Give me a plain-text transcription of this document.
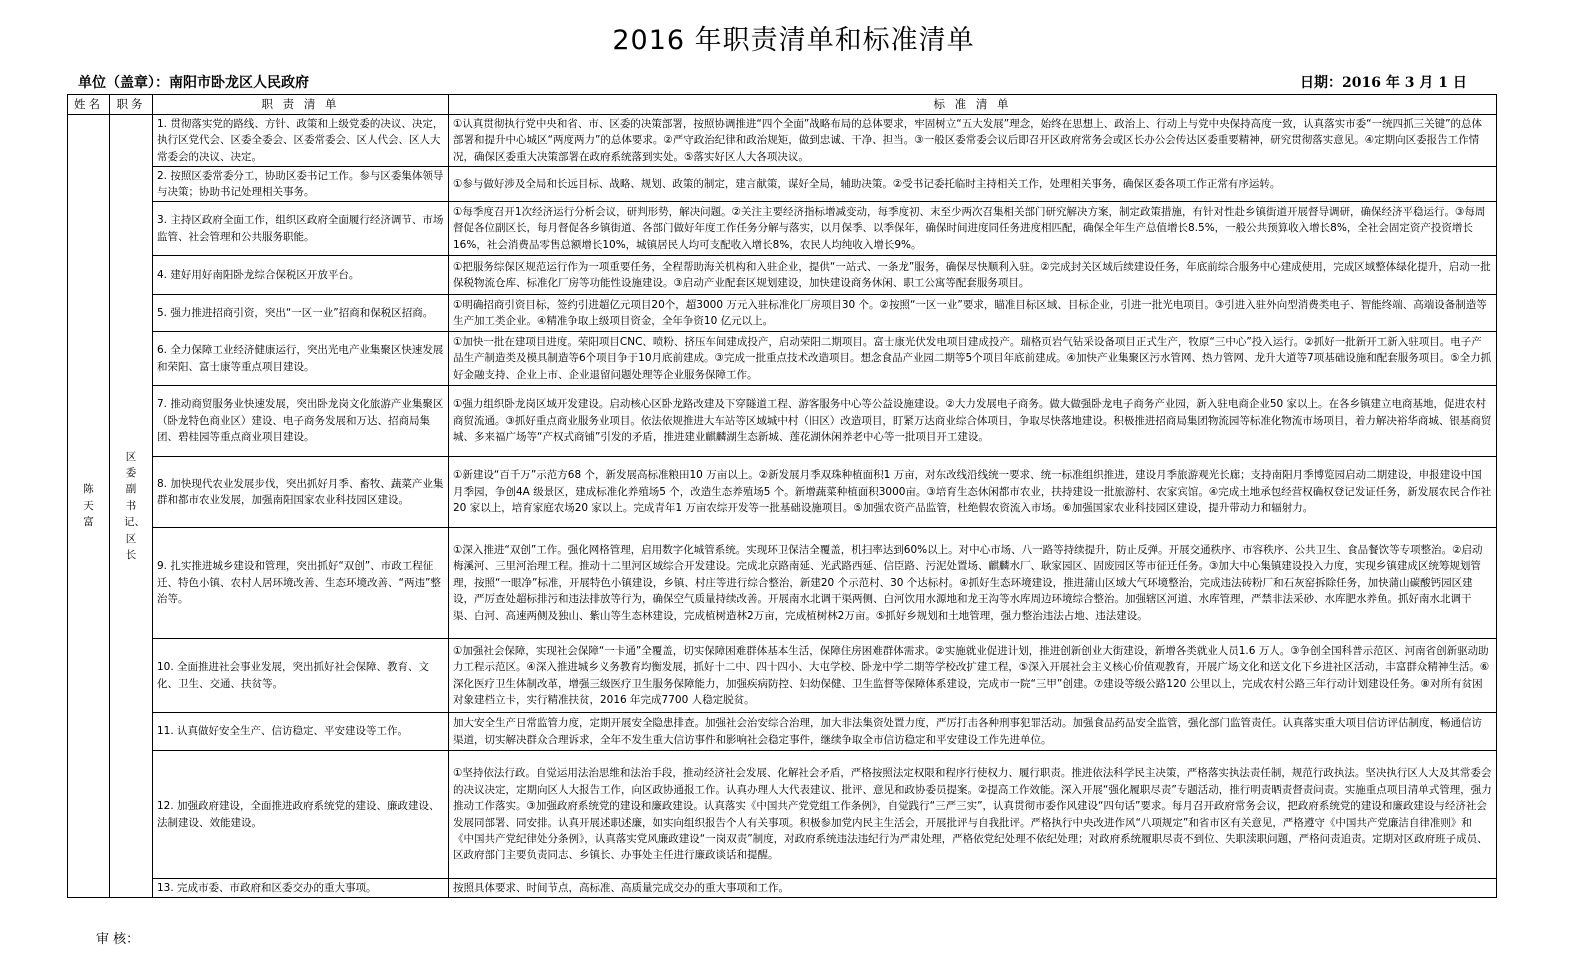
2016 年职责清单和标准清单
单位（盖章）：南阳市卧龙区人民政府	日期：2016 年 3 月 1 日
姓名	职务	职 责 清 单	标 准 清 单
陈天富	区委副书记、区长	1. 贯彻落实党的路线、方针、政策和上级党委的决议、决定，执行区党代会、区委全委会、区委常委会、区人代会、区人大常委会的决议、决定。	①认真贯彻执行党中央和省、市、区委的决策部署，按照协调推进“四个全面”战略布局的总体要求，牢固树立“五大发展”理念，始终在思想上、政治上、行动上与党中央保持高度一致，认真落实市委“一统四抓三关键”的总体部署和提升中心城区“两度两力”的总体要求。②严守政治纪律和政治规矩，做到忠诚、干净、担当。③一般区委常委会议后即召开区政府常务会或区长办公会传达区委重要精神，研究贯彻落实意见。④定期向区委报告工作情况，确保区委重大决策部署在政府系统落到实处。⑤落实好区人大各项决议。
		2. 按照区委常委分工，协助区委书记工作。参与区委集体领导与决策；协助书记处理相关事务。	①参与做好涉及全局和长远目标、战略、规划、政策的制定，建言献策，谋好全局，辅助决策。②受书记委托临时主持相关工作，处理相关事务，确保区委各项工作正常有序运转。
		3. 主持区政府全面工作，组织区政府全面履行经济调节、市场监管、社会管理和公共服务职能。	①每季度召开1次经济运行分析会议，研判形势，解决问题。②关注主要经济指标增减变动，每季度初、末至少两次召集相关部门研究解决方案，制定政策措施，有针对性赴乡镇街道开展督导调研，确保经济平稳运行。③每周督促各位副区长，每月督促各乡镇街道、各部门做好年度工作任务分解与落实，以月保季、以季保年，确保时间进度同任务进度相匹配，确保全年生产总值增长8.5%，一般公共预算收入增长8%，全社会固定资产投资增长16%，社会消费品零售总额增长10%，城镇居民人均可支配收入增长8%，农民人均纯收入增长9%。
		4. 建好用好南阳卧龙综合保税区开放平台。	①把服务综保区规范运行作为一项重要任务，全程帮助海关机构和入驻企业，提供“一站式、一条龙”服务，确保尽快顺利入驻。②完成封关区域后续建设任务，年底前综合服务中心建成使用，完成区域整体绿化提升，启动一批保税物流仓库、标准化厂房等功能性设施建设。③启动产业配套区规划建设，加快建设商务休闲、职工公寓等配套服务项目。
		5. 强力推进招商引资，突出“一区一业”招商和保税区招商。	①明确招商引资目标，签约引进超亿元项目20个，超3000 万元入驻标准化厂房项目30 个。②按照“一区一业”要求，瞄准目标区域、目标企业，引进一批光电项目。③引进入驻外向型消费类电子、智能终端、高端设备制造等生产加工类企业。④精准争取上级项目资金，全年争资10 亿元以上。
		6. 全力保障工业经济健康运行，突出光电产业集聚区快速发展和荣阳、富士康等重点项目建设。	①加快一批在建项目进度。荣阳项目CNC、喷粉、挤压车间建成投产，启动荣阳二期项目。富士康光伏发电项目建成投产。瑞格页岩气钻采设备项目正式生产，牧原“三中心”投入运行。②抓好一批新开工新入驻项目。电子产品生产制造类及模具制造等6个项目争于10月底前建成。③完成一批重点技术改造项目。想念食品产业园二期等5个项目年底前建成。④加快产业集聚区污水管网、热力管网、龙升大道等7项基础设施和配套服务项目。⑤全力抓好金融支持、企业上市、企业退留问题处理等企业服务保障工作。
		7. 推动商贸服务业快速发展，突出卧龙岗文化旅游产业集聚区（卧龙特色商业区）建设、电子商务发展和万达、招商局集团、碧桂园等重点商业项目建设。	①强力组织卧龙岗区域开发建设。启动核心区卧龙路改建及下穿隧道工程、游客服务中心等公益设施建设。②大力发展电子商务。做大做强卧龙电子商务产业园，新入驻电商企业50 家以上。在各乡镇建立电商基地，促进农村商贸流通。③抓好重点商业服务业项目。依法依规推进大车站等区域城中村（旧区）改造项目，盯紧万达商业综合体项目，争取尽快落地建设。积极推进招商局集团物流园等标准化物流市场项目，着力解决裕华商城、银基商贸城、多来福广场等“产权式商铺”引发的矛盾，推进建业麒麟湖生态新城、莲花湖休闲养老中心等一批项目开工建设。
		8. 加快现代农业发展步伐，突出抓好月季、畜牧、蔬菜产业集群和都市农业发展，加强南阳国家农业科技园区建设。	①新建设“百千万”示范方68 个，新发展高标准粮田10 万亩以上。②新发展月季双珠种植面积1 万亩，对东改线沿线统一要求、统一标准组织推进，建设月季旅游观光长廊；支持南阳月季博览园启动二期建设，申报建设中国月季园，争创4A 级景区，建成标准化养殖场5 个，改造生态养殖场5 个。新增蔬菜种植面积3000亩。③培育生态休闲都市农业，扶持建设一批旅游村、农家宾馆。④完成土地承包经营权确权登记发证任务，新发展农民合作社20 家以上，培育家庭农场20 家以上。完成青年1 万亩农综开发等一批基础设施项目。⑤加强农资产品监管，杜绝假农资流入市场。⑥加强国家农业科技园区建设，提升带动力和辐射力。
		9. 扎实推进城乡建设和管理，突出抓好“双创”、市政工程征迁、特色小镇、农村人居环境改善、生态环境改善、“两违”整治等。	①深入推进“双创”工作。强化网格管理，启用数字化城管系统。实现环卫保洁全覆盖，机扫率达到60%以上。对中心市场、八一路等持续提升，防止反弹。开展交通秩序、市容秩序、公共卫生、食品餐饮等专项整治。②启动梅溪河、三里河治理工程。推动十二里河区域综合开发建设。完成北京路南延、光武路西延、信臣路、污泥处置场、麒麟水厂、耿家园区、固废园区等市征迁任务。③加大中心集镇建设投入力度，实现乡镇建成区统筹规划管理，按照“一眼净”标准，开展特色小镇建设，乡镇、村庄等进行综合整治，新建20 个示范村、30 个达标村。④抓好生态环境建设，推进蒲山区域大气环境整治，完成违法砖粉厂和石灰窑拆除任务，加快蒲山碳酸钙园区建设，严厉查处超标排污和违法排放等行为，确保空气质量持续改善。开展南水北调干渠两侧、白河饮用水源地和龙王沟等水库周边环境综合整治。加强辖区河道、水库管理，严禁非法采砂、水库肥水养鱼。抓好南水北调干渠、白河、高速两侧及独山、紫山等生态林建设，完成植树造林2万亩，完成植树林2万亩。⑤抓好乡规划和土地管理，强力整治违法占地、违法建设。
		10. 全面推进社会事业发展，突出抓好社会保障、教育、文化、卫生、交通、扶贫等。	①加强社会保障，实现社会保障“一卡通”全覆盖，切实保障困难群体基本生活，保障住房困难群体需求。②实施就业促进计划，推进创新创业大街建设，新增各类就业人员1.6 万人。③争创全国科普示范区、河南省创新驱动助力工程示范区。④深入推进城乡义务教育均衡发展，抓好十二中、四十四小、大屯学校、卧龙中学二期等学校改扩建工程，⑤深入开展社会主义核心价值观教育，开展广场文化和送文化下乡进社区活动，丰富群众精神生活。⑥深化医疗卫生体制改革，增强三级医疗卫生服务保障能力，加强疾病防控、妇幼保健、卫生监督等保障体系建设，完成市一院“三甲”创建。⑦建设等级公路120 公里以上，完成农村公路三年行动计划建设任务。⑧对所有贫困对象建档立卡，实行精准扶贫，2016 年完成7700 人稳定脱贫。
		11. 认真做好安全生产、信访稳定、平安建设等工作。	加大安全生产日常监管力度，定期开展安全隐患排查。加强社会治安综合治理，加大非法集资处置力度，严厉打击各种刑事犯罪活动。加强食品药品安全监管，强化部门监管责任。认真落实重大项目信访评估制度，畅通信访渠道，切实解决群众合理诉求，全年不发生重大信访事件和影响社会稳定事件，继续争取全市信访稳定和平安建设工作先进单位。
		12. 加强政府建设，全面推进政府系统党的建设、廉政建设、法制建设、效能建设。	①坚持依法行政。自觉运用法治思维和法治手段，推动经济社会发展、化解社会矛盾，严格按照法定权限和程序行使权力、履行职责。推进依法科学民主决策，严格落实执法责任制，规范行政执法。坚决执行区人大及其常委会的决议决定，定期向区人大报告工作，向区政协通报工作。认真办理人大代表建议、批评、意见和政协委员提案。②提高工作效能。深入开展“强化履职尽责”专题活动，推行明责晒责督责问责。实施重点项目清单式管理，强力推动工作落实。③加强政府系统党的建设和廉政建设。认真落实《中国共产党党组工作条例》，自觉践行“三严三实”，认真贯彻市委作风建设“四句话”要求。每月召开政府常务会议，把政府系统党的建设和廉政建设与经济社会发展同部署、同安排。认真开展述职述廉，如实向组织报告个人有关事项。积极参加党内民主生活会，开展批评与自我批评。严格执行中央改进作风“八项规定”和省市区有关意见，严格遵守《中国共产党廉洁自律准则》和《中国共产党纪律处分条例》，认真落实党风廉政建设“一岗双责”制度，对政府系统违法违纪行为严肃处理，严格依党纪处理不依纪处理；对政府系统履职尽责不到位、失职渎职问题，严格问责追责。定期对区政府班子成员、区政府部门主要负责同志、乡镇长、办事处主任进行廉政谈话和提醒。
		13. 完成市委、市政府和区委交办的重大事项。	按照具体要求、时间节点，高标准、高质量完成交办的重大事项和工作。
审 核：
